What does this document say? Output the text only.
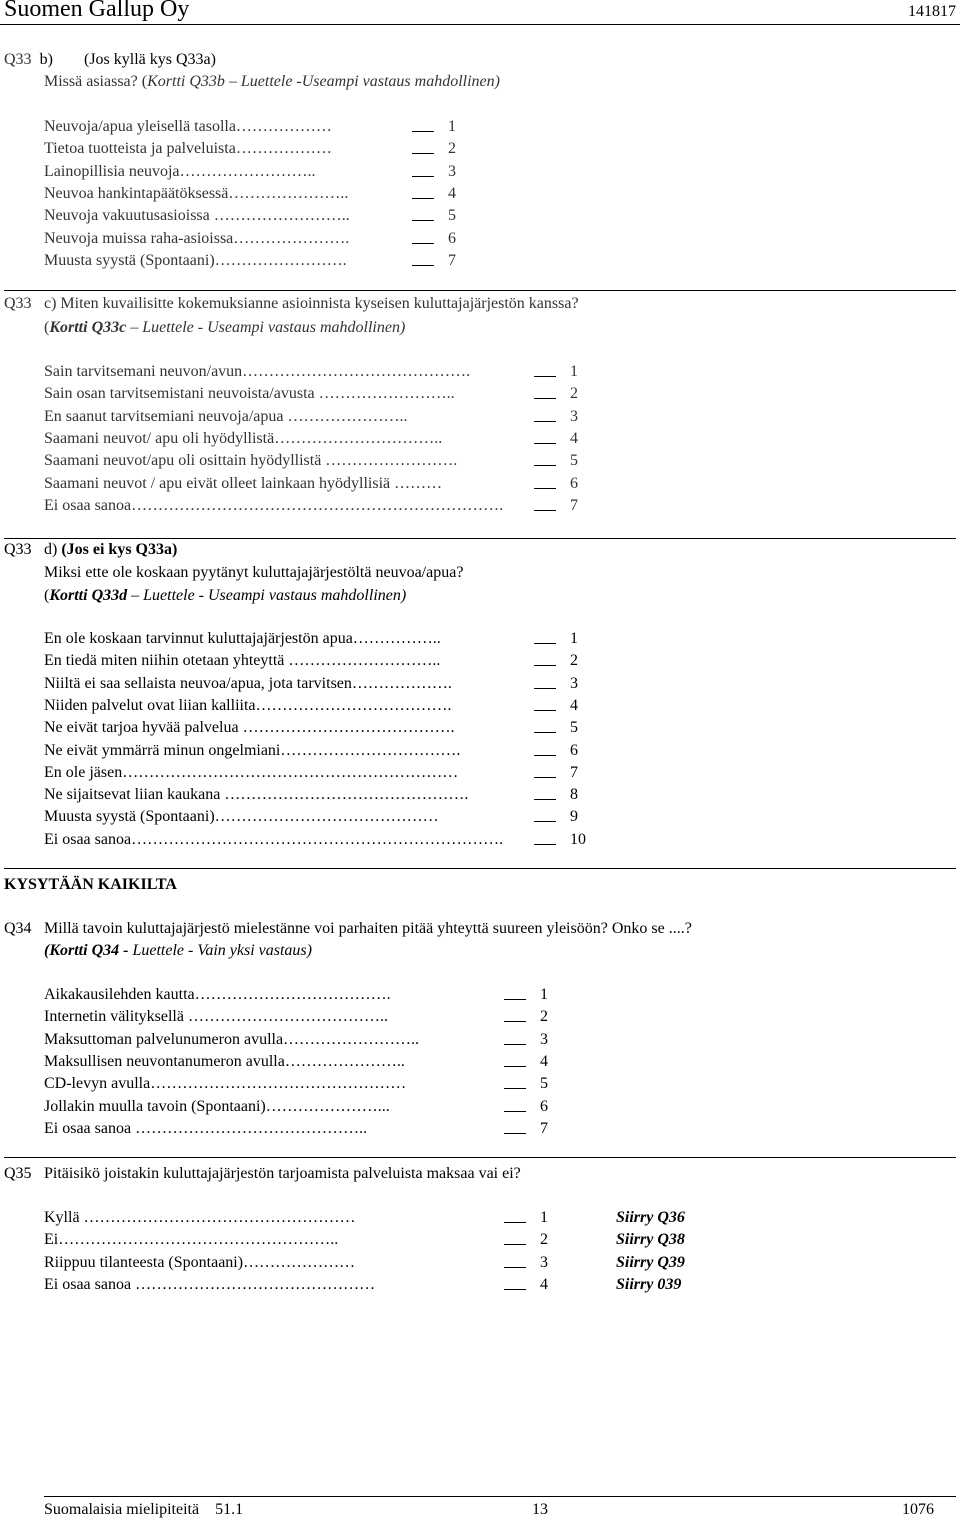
Suomen Gallup Oy	141817
Q33 b) (Jos kyllä kys Q33a)
Missä asiassa? (Kortti Q33b – Luettele -Useampi vastaus mahdollinen)
Neuvoja/apua yleisellä tasolla………………	1
Tietoa tuotteista ja palveluista………………	2
Lainopillisia neuvoja……………………..	3
Neuvoa hankintapäätöksessä…………………..	4
Neuvoja vakuutusasioissa ……………………..	5
Neuvoja muissa raha-asioissa………………….	6
Muusta syystä (Spontaani)…………………….	7
Q33 c) Miten kuvailisitte kokemuksianne asioinnista kyseisen kuluttajajärjestön kanssa?
(Kortti Q33c – Luettele - Useampi vastaus mahdollinen)
Sain tarvitsemani neuvon/avun…………………………………….	1
Sain osan tarvitsemistani neuvoista/avusta ……………………..	2
En saanut tarvitsemiani neuvoja/apua …………………..	3
Saamani neuvot/ apu oli hyödyllistä…………………………..	4
Saamani neuvot/apu oli osittain hyödyllistä …………………….	5
Saamani neuvot / apu eivät olleet lainkaan hyödyllisiä ………	6
Ei osaa sanoa…………………………………………………………….	7
Q33 d) (Jos ei kys Q33a)
Miksi ette ole koskaan pyytänyt kuluttajajärjestöltä neuvoa/apua?
(Kortti Q33d – Luettele - Useampi vastaus mahdollinen)
En ole koskaan tarvinnut kuluttajajärjestön apua……………..	1
En tiedä miten niihin otetaan yhteyttä ………………………..	2
Niiltä ei saa sellaista neuvoa/apua, jota tarvitsen……………….	3
Niiden palvelut ovat liian kalliita……………………………….	4
Ne eivät tarjoa hyvää palvelua ………………………………….	5
Ne eivät ymmärrä minun ongelmiani…………………………….	6
En ole jäsen………………………………………………………	7
Ne sijaitsevat liian kaukana ……………………………………….	8
Muusta syystä (Spontaani)……………………………………	9
Ei osaa sanoa…………………………………………………………….	10
KYSYTÄÄN KAIKILTA
Q34 Millä tavoin kuluttajajärjestö mielestänne voi parhaiten pitää yhteyttä suureen yleisöön? Onko se ....?
(Kortti Q34 - Luettele - Vain yksi vastaus)
Aikakausilehden kautta……………………………….	1
Internetin välityksellä ………………………………..	2
Maksuttoman palvelunumeron avulla……………………..	3
Maksullisen neuvontanumeron avulla…………………..	4
CD-levyn avulla…………………………………………	5
Jollakin muulla tavoin (Spontaani)…………………...	6
Ei osaa sanoa ……………………………………..	7
Q35 Pitäisikö joistakin kuluttajajärjestön tarjoamista palveluista maksaa vai ei?
Kyllä ……………………………………………	1	Siirry Q36
Ei……………………………………………..	2	Siirry Q38
Riippuu tilanteesta (Spontaani)…………………	3	Siirry Q39
Ei osaa sanoa ………………………………………	4	Siirry 039
Suomalaisia mielipiteitä 51.1	13	1076
